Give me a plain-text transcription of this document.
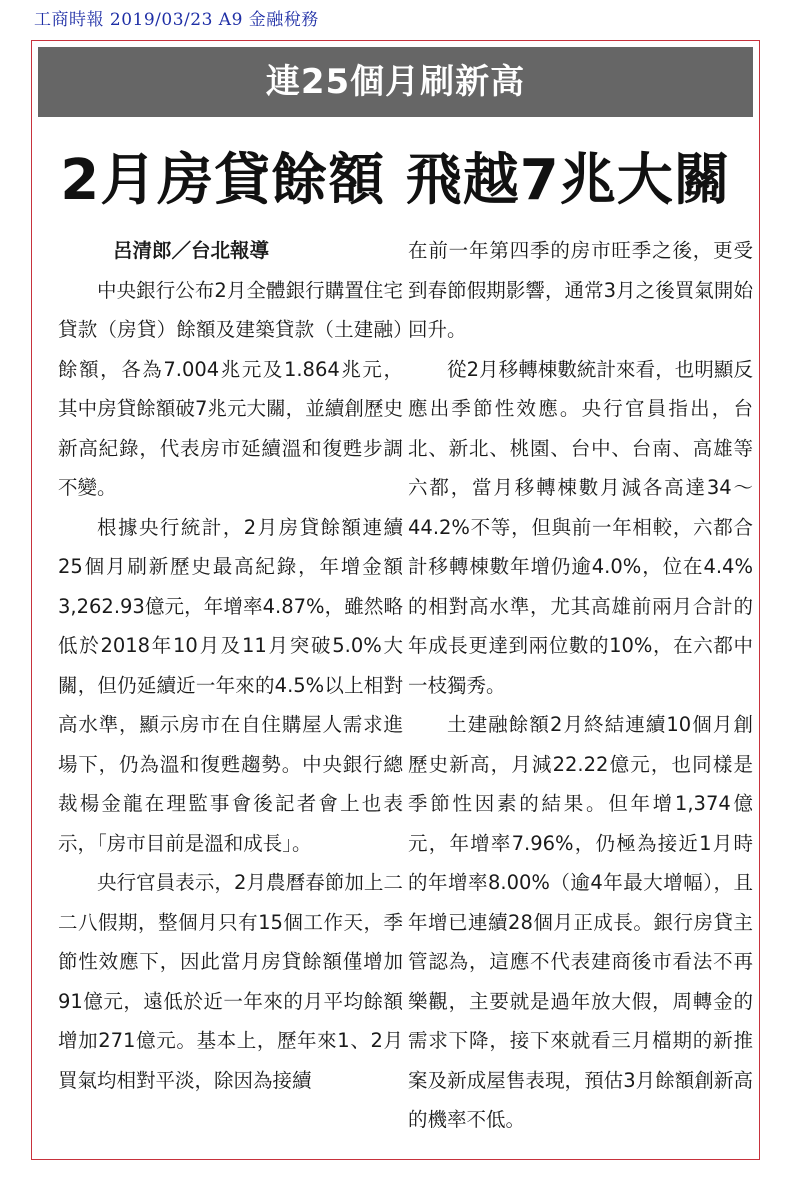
工商時報 2019/03/23 A9 金融稅務
連25個月刷新高
2月房貸餘額 飛越7兆大關

呂清郎／台北報導

中央銀行公布2月全體銀行購置住宅貸款（房貸）餘額及建築貸款（土建融）餘額，各為7.004兆元及1.864兆元，其中房貸餘額破7兆元大關，並續創歷史新高紀錄，代表房市延續溫和復甦步調不變。

根據央行統計，2月房貸餘額連續25個月刷新歷史最高紀錄，年增金額3,262.93億元，年增率4.87%，雖然略低於2018年10月及11月突破5.0%大關，但仍延續近一年來的4.5%以上相對高水準，顯示房市在自住購屋人需求進場下，仍為溫和復甦趨勢。中央銀行總裁楊金龍在理監事會後記者會上也表示，「房市目前是溫和成長」。

央行官員表示，2月農曆春節加上二二八假期，整個月只有15個工作天，季節性效應下，因此當月房貸餘額僅增加91億元，遠低於近一年來的月平均餘額增加271億元。基本上，歷年來1、2月買氣均相對平淡，除因為接續

在前一年第四季的房市旺季之後，更受到春節假期影響，通常3月之後買氣開始回升。

從2月移轉棟數統計來看，也明顯反應出季節性效應。央行官員指出，台北、新北、桃園、台中、台南、高雄等六都，當月移轉棟數月減各高達34～44.2%不等，但與前一年相較，六都合計移轉棟數年增仍逾4.0%，位在4.4%的相對高水準，尤其高雄前兩月合計的年成長更達到兩位數的10%，在六都中一枝獨秀。

土建融餘額2月終結連續10個月創歷史新高，月減22.22億元，也同樣是季節性因素的結果。但年增1,374億元，年增率7.96%，仍極為接近1月時的年增率8.00%（逾4年最大增幅），且年增已連續28個月正成長。銀行房貸主管認為，這應不代表建商後市看法不再樂觀，主要就是過年放大假，周轉金的需求下降，接下來就看三月檔期的新推案及新成屋售表現，預估3月餘額創新高的機率不低。
